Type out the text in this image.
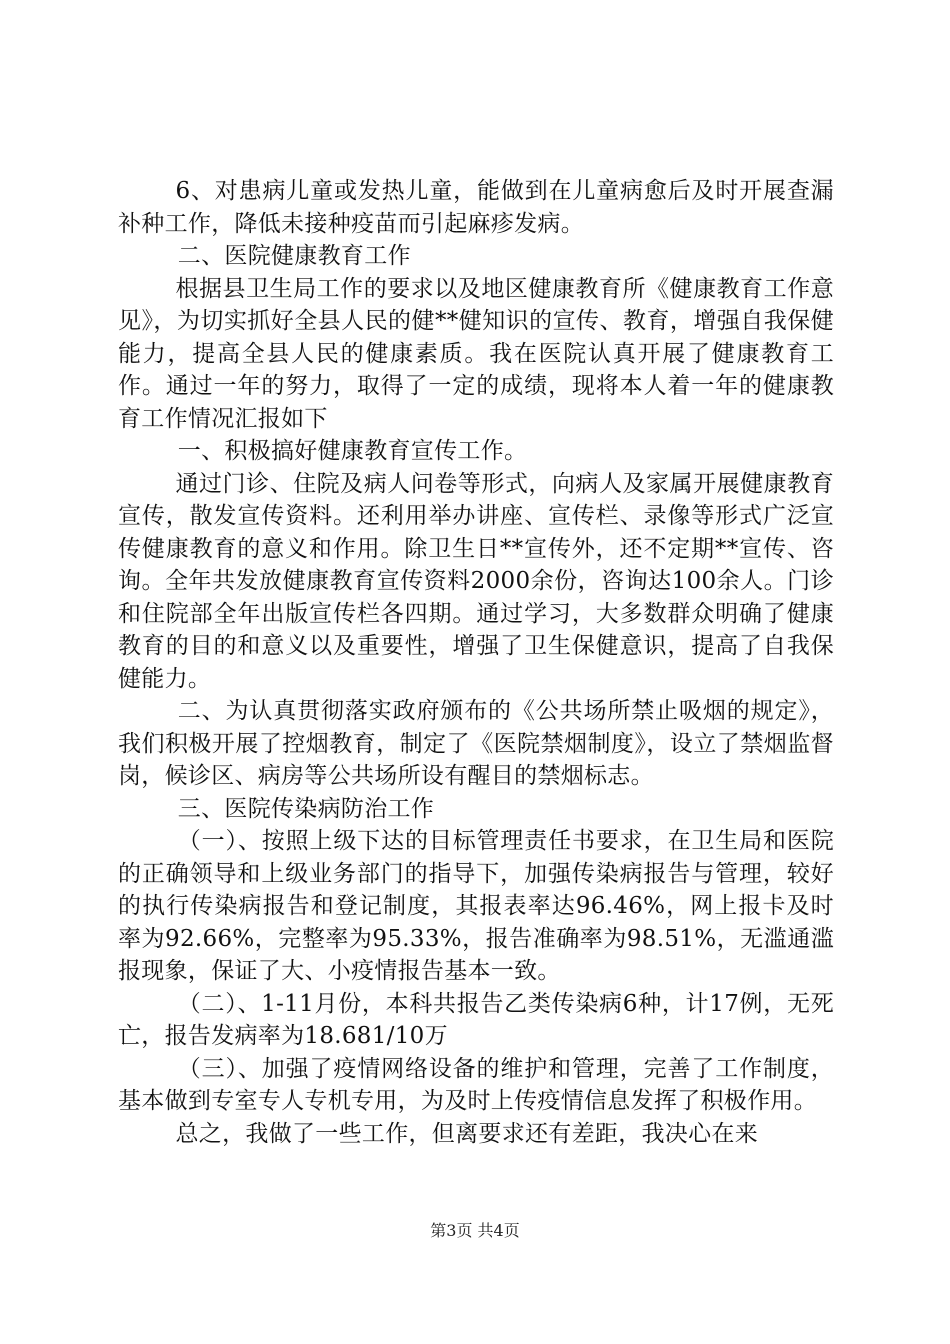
6、对患病儿童或发热儿童，能做到在儿童病愈后及时开展查漏补种工作，降低未接种疫苗而引起麻疹发病。

二、医院健康教育工作

根据县卫生局工作的要求以及地区健康教育所《健康教育工作意见》，为切实抓好全县人民的健**健知识的宣传、教育，增强自我保健能力，提高全县人民的健康素质。我在医院认真开展了健康教育工作。通过一年的努力，取得了一定的成绩，现将本人着一年的健康教育工作情况汇报如下

一、积极搞好健康教育宣传工作。

通过门诊、住院及病人问卷等形式，向病人及家属开展健康教育宣传，散发宣传资料。还利用举办讲座、宣传栏、录像等形式广泛宣传健康教育的意义和作用。除卫生日**宣传外，还不定期**宣传、咨询。全年共发放健康教育宣传资料2000余份，咨询达100余人。门诊和住院部全年出版宣传栏各四期。通过学习，大多数群众明确了健康教育的目的和意义以及重要性，增强了卫生保健意识，提高了自我保健能力。

二、为认真贯彻落实政府颁布的《公共场所禁止吸烟的规定》，我们积极开展了控烟教育，制定了《医院禁烟制度》，设立了禁烟监督岗，候诊区、病房等公共场所设有醒目的禁烟标志。

三、医院传染病防治工作

（一）、按照上级下达的目标管理责任书要求，在卫生局和医院的正确领导和上级业务部门的指导下，加强传染病报告与管理，较好的执行传染病报告和登记制度，其报表率达96.46%，网上报卡及时率为92.66%，完整率为95.33%，报告准确率为98.51%，无滥通滥报现象，保证了大、小疫情报告基本一致。

（二）、1-11月份，本科共报告乙类传染病6种，计17例，无死亡，报告发病率为18.681/10万

（三）、加强了疫情网络设备的维护和管理，完善了工作制度，基本做到专室专人专机专用，为及时上传疫情信息发挥了积极作用。

总之，我做了一些工作，但离要求还有差距，我决心在来

第3页 共4页
